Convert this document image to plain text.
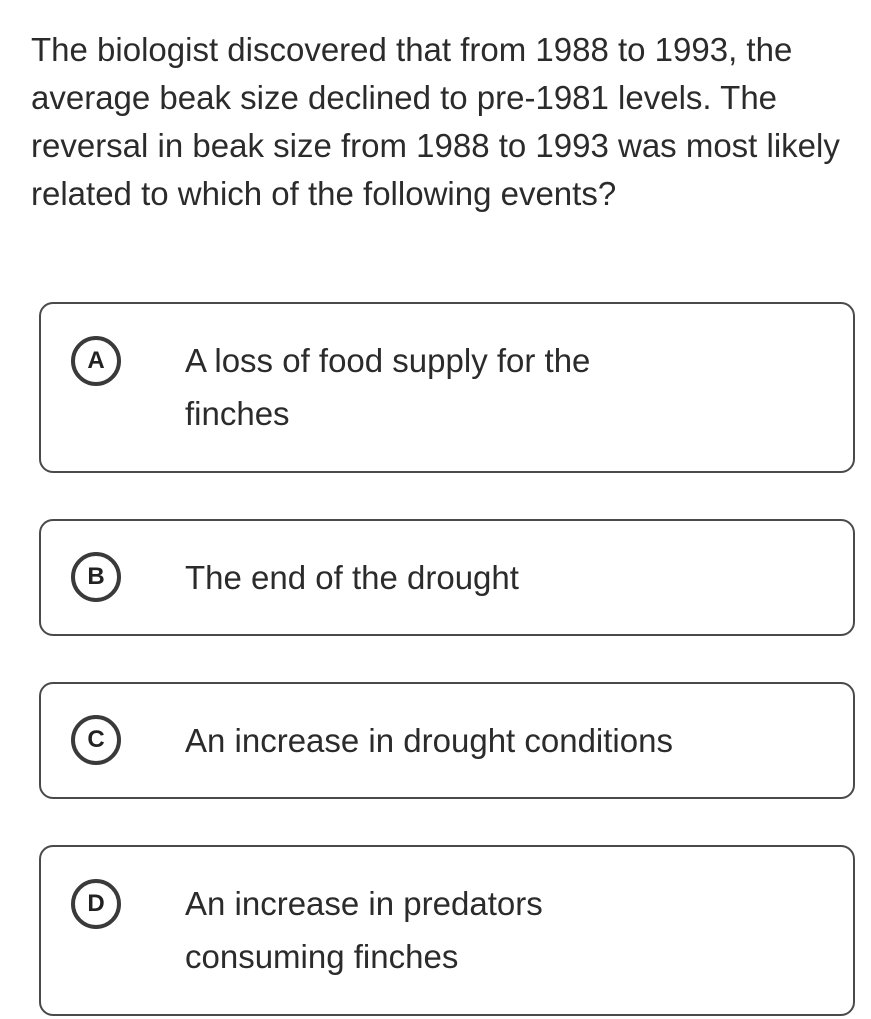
The biologist discovered that from 1988 to 1993, the average beak size declined to pre-1981 levels. The reversal in beak size from 1988 to 1993 was most likely related to which of the following events?

A	A loss of food supply for the finches
B	The end of the drought
C	An increase in drought conditions
D	An increase in predators consuming finches
